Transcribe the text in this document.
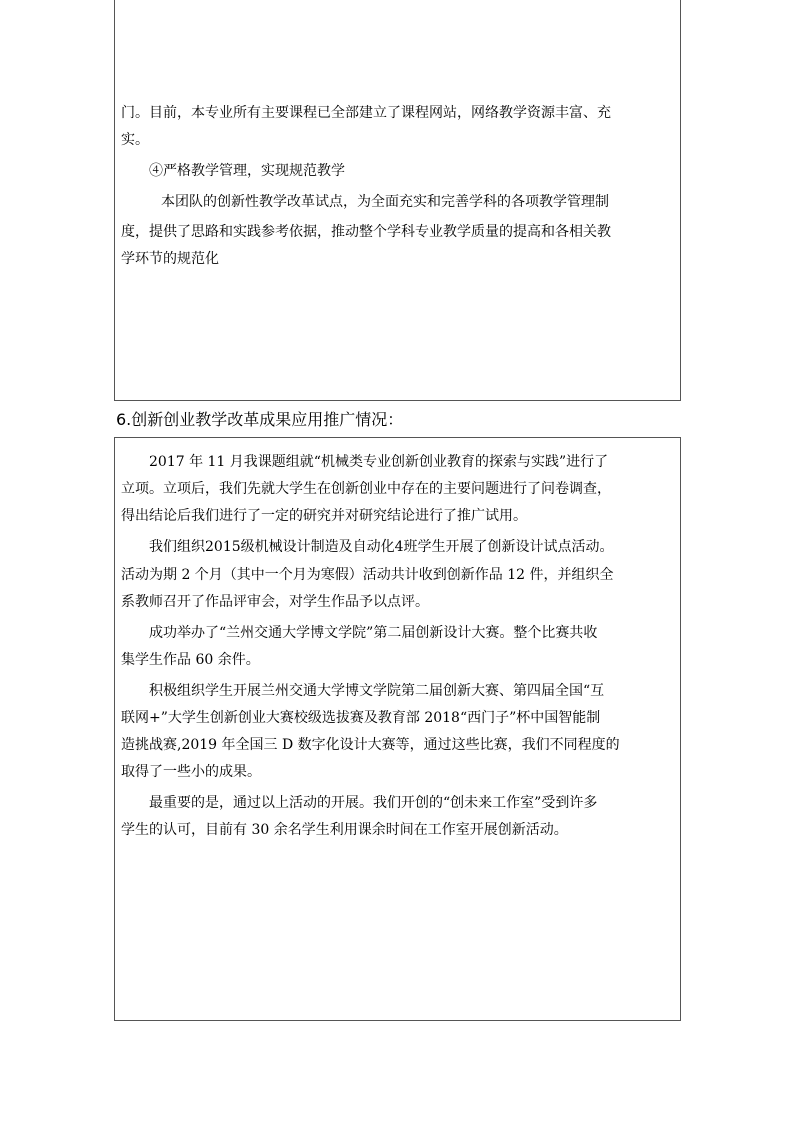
门。目前，本专业所有主要课程已全部建立了课程网站，网络教学资源丰富、充

实。

④严格教学管理，实现规范教学

本团队的创新性教学改革试点，为全面充实和完善学科的各项教学管理制

度，提供了思路和实践参考依据，推动整个学科专业教学质量的提高和各相关教

学环节的规范化

6.创新创业教学改革成果应用推广情况：

2017 年 11 月我课题组就“机械类专业创新创业教育的探索与实践”进行了

立项。立项后，我们先就大学生在创新创业中存在的主要问题进行了问卷调查，

得出结论后我们进行了一定的研究并对研究结论进行了推广试用。

我们组织2015级机械设计制造及自动化4班学生开展了创新设计试点活动。

活动为期 2 个月（其中一个月为寒假）活动共计收到创新作品 12 件，并组织全

系教师召开了作品评审会，对学生作品予以点评。

成功举办了“兰州交通大学博文学院”第二届创新设计大赛。整个比赛共收

集学生作品 60 余件。

积极组织学生开展兰州交通大学博文学院第二届创新大赛、第四届全国“互

联网+”大学生创新创业大赛校级选拔赛及教育部 2018“西门子”杯中国智能制

造挑战赛,2019 年全国三 D 数字化设计大赛等，通过这些比赛，我们不同程度的

取得了一些小的成果。

最重要的是，通过以上活动的开展。我们开创的“创未来工作室”受到许多

学生的认可，目前有 30 余名学生利用课余时间在工作室开展创新活动。
